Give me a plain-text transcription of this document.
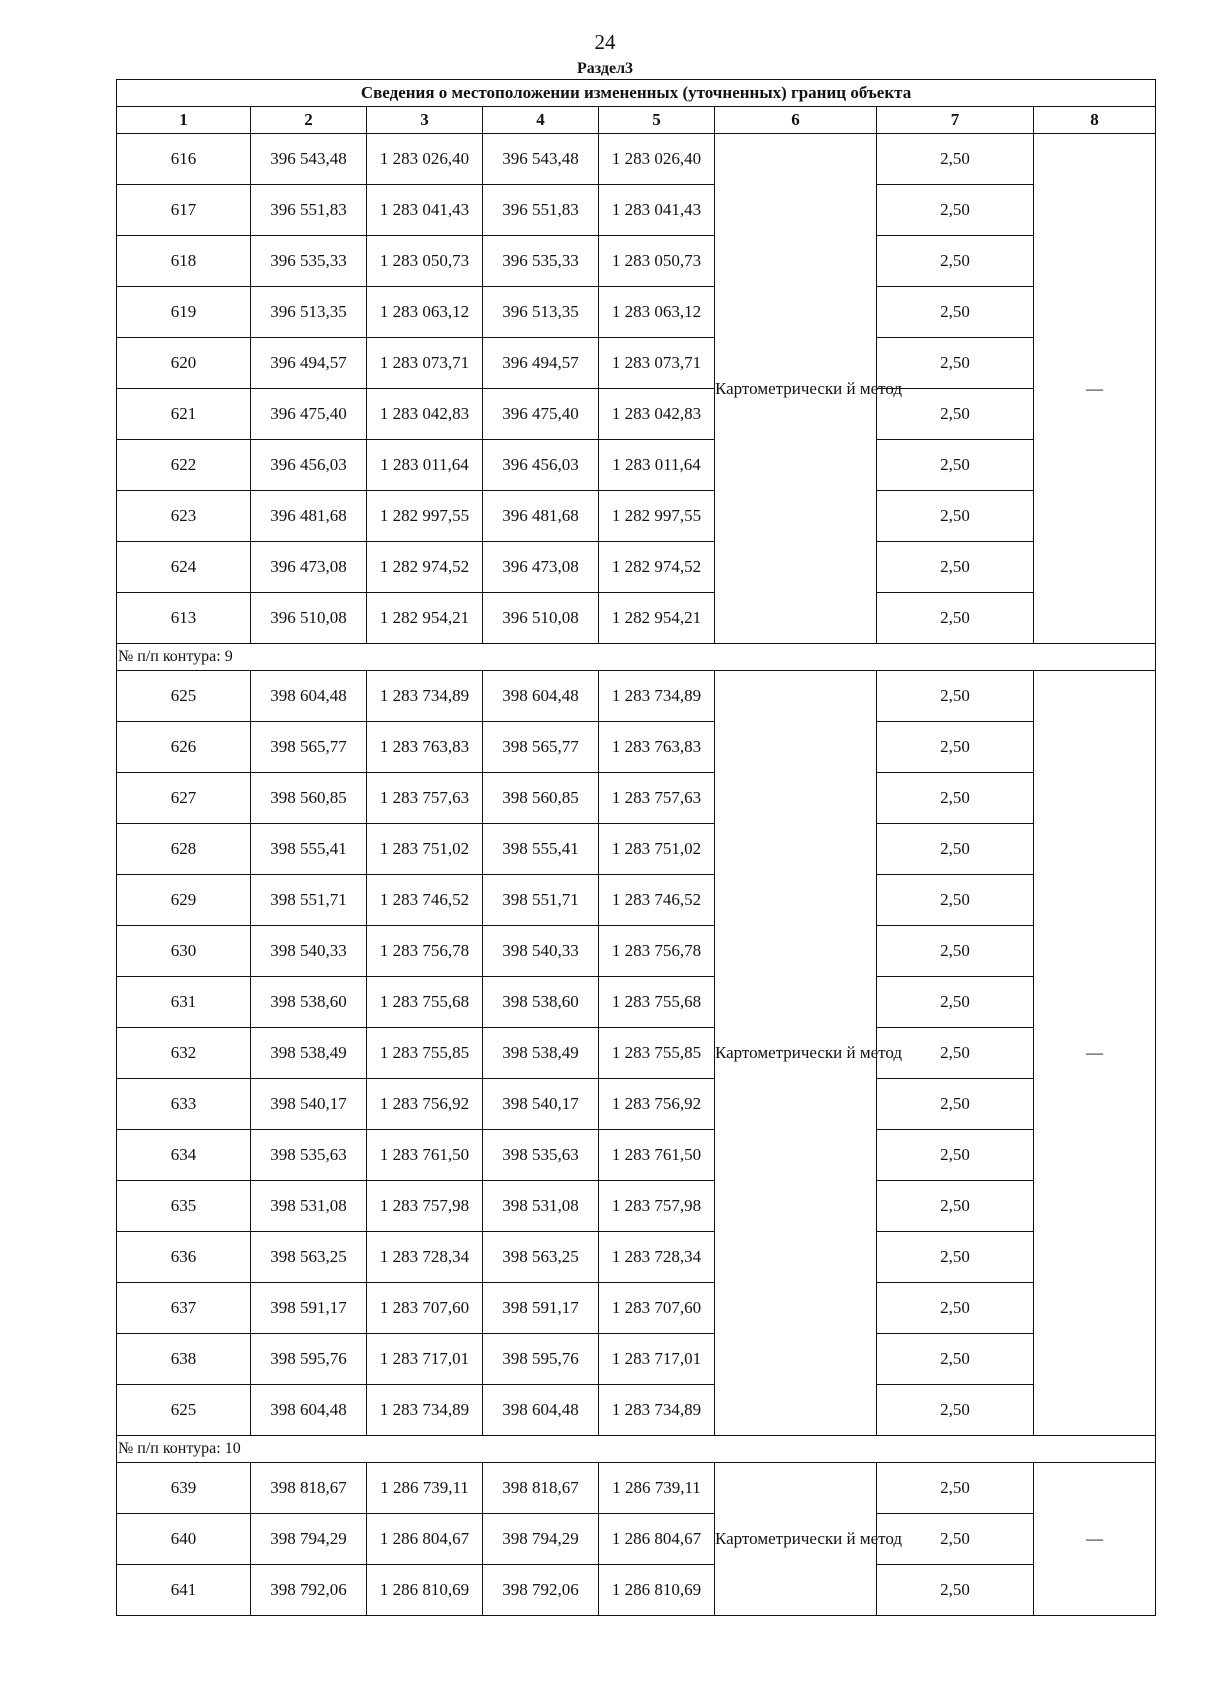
24
Раздел3
Сведения о местоположении измененных (уточненных) границ объекта							
1	2	3	4	5	6	7	8
616	396 543,48	1 283 026,40	396 543,48	1 283 026,40	Картометрически й метод	2,50	—
617	396 551,83	1 283 041,43	396 551,83	1 283 041,43		2,50	
618	396 535,33	1 283 050,73	396 535,33	1 283 050,73		2,50	
619	396 513,35	1 283 063,12	396 513,35	1 283 063,12		2,50	
620	396 494,57	1 283 073,71	396 494,57	1 283 073,71		2,50	
621	396 475,40	1 283 042,83	396 475,40	1 283 042,83		2,50	
622	396 456,03	1 283 011,64	396 456,03	1 283 011,64		2,50	
623	396 481,68	1 282 997,55	396 481,68	1 282 997,55		2,50	
624	396 473,08	1 282 974,52	396 473,08	1 282 974,52		2,50	
613	396 510,08	1 282 954,21	396 510,08	1 282 954,21		2,50	
№ п/п контура: 9							
625	398 604,48	1 283 734,89	398 604,48	1 283 734,89	Картометрически й метод	2,50	—
626	398 565,77	1 283 763,83	398 565,77	1 283 763,83		2,50	
627	398 560,85	1 283 757,63	398 560,85	1 283 757,63		2,50	
628	398 555,41	1 283 751,02	398 555,41	1 283 751,02		2,50	
629	398 551,71	1 283 746,52	398 551,71	1 283 746,52		2,50	
630	398 540,33	1 283 756,78	398 540,33	1 283 756,78		2,50	
631	398 538,60	1 283 755,68	398 538,60	1 283 755,68		2,50	
632	398 538,49	1 283 755,85	398 538,49	1 283 755,85		2,50	
633	398 540,17	1 283 756,92	398 540,17	1 283 756,92		2,50	
634	398 535,63	1 283 761,50	398 535,63	1 283 761,50		2,50	
635	398 531,08	1 283 757,98	398 531,08	1 283 757,98		2,50	
636	398 563,25	1 283 728,34	398 563,25	1 283 728,34		2,50	
637	398 591,17	1 283 707,60	398 591,17	1 283 707,60		2,50	
638	398 595,76	1 283 717,01	398 595,76	1 283 717,01		2,50	
625	398 604,48	1 283 734,89	398 604,48	1 283 734,89		2,50	
№ п/п контура: 10							
639	398 818,67	1 286 739,11	398 818,67	1 286 739,11	Картометрически й метод	2,50	—
640	398 794,29	1 286 804,67	398 794,29	1 286 804,67		2,50	
641	398 792,06	1 286 810,69	398 792,06	1 286 810,69		2,50	
